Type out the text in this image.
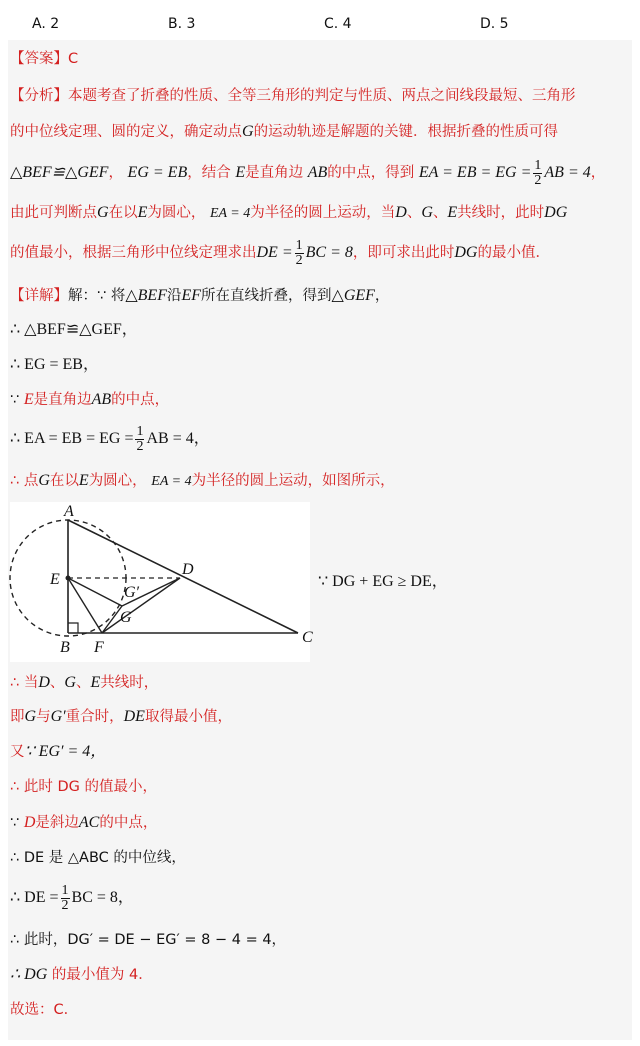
A. 2	B. 3	C. 4	D. 5
【答案】C
【分析】本题考查了折叠的性质、全等三角形的判定与性质、两点之间线段最短、三角形
的中位线定理、圆的定义，确定动点G的运动轨迹是解题的关键．根据折叠的性质可得
△BEF≌△GEF， EG = EB，结合 E是直角边 AB的中点，得到 EA = EB = EG = $\frac{1}{2}$ AB = 4，
由此可判断点G在以E为圆心， EA = 4为半径的圆上运动，当D、G、E共线时，此时DG
的值最小，根据三角形中位线定理求出DE = $\frac{1}{2}$ BC = 8，即可求出此时DG的最小值．
【详解】解：∵ 将△BEF沿EF所在直线折叠，得到△GEF，
∴ △BEF≌△GEF，
∴ EG = EB，
∵ E是直角边AB的中点，
∴ EA = EB = EG = $\frac{1}{2}$ AB = 4，
∴ 点G在以E为圆心， EA = 4为半径的圆上运动，如图所示，
A
E
B F
D
C
G
G′
∵ DG + EG ≥ DE，
∴ 当D、G、E共线时，
即G与G′重合时，DE取得最小值，
又∵ EG′ = 4，
∴ 此时 DG 的值最小，
∵ D是斜边AC的中点，
∴ DE 是 △ABC 的中位线，
∴ DE = $\frac{1}{2}$ BC = 8，
∴ 此时，DG′ = DE − EG′ = 8 − 4 = 4，
∴ DG 的最小值为 4．
故选：C．
